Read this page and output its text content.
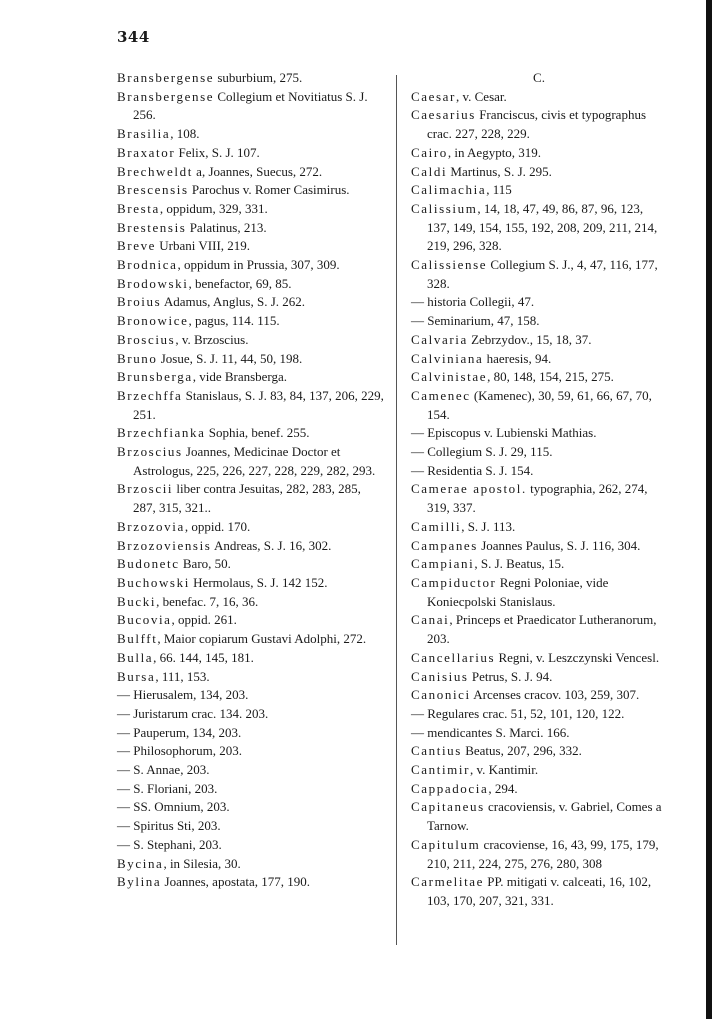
344
Bransbergense suburbium, 275.
Bransbergense Collegium et Novitiatus S. J. 256.
Brasilia, 108.
Braxator Felix, S. J. 107.
Brechweldt a, Joannes, Suecus, 272.
Brescensis Parochus v. Romer Casimirus.
Bresta, oppidum, 329, 331.
Brestensis Palatinus, 213.
Breve Urbani VIII, 219.
Brodnica, oppidum in Prussia, 307, 309.
Brodowski, benefactor, 69, 85.
Broius Adamus, Anglus, S. J. 262.
Bronowice, pagus, 114. 115.
Broscius, v. Brzoscius.
Bruno Josue, S. J. 11, 44, 50, 198.
Brunsberga, vide Bransberga.
Brzechffa Stanislaus, S. J. 83, 84, 137, 206, 229, 251.
Brzechfianka Sophia, benef. 255.
Brzoscius Joannes, Medicinae Doctor et Astrologus, 225, 226, 227, 228, 229, 282, 293.
Brzoscii liber contra Jesuitas, 282, 283, 285, 287, 315, 321..
Brzozovia, oppid. 170.
Brzozoviensis Andreas, S. J. 16, 302.
Budonetc Baro, 50.
Buchowski Hermolaus, S. J. 142 152.
Bucki, benefac. 7, 16, 36.
Bucovia, oppid. 261.
Bulfft, Maior copiarum Gustavi Adolphi, 272.
Bulla, 66. 144, 145, 181.
Bursa, 111, 153.
— Hierusalem, 134, 203.
— Juristarum crac. 134. 203.
— Pauperum, 134, 203.
— Philosophorum, 203.
— S. Annae, 203.
— S. Floriani, 203.
— SS. Omnium, 203.
— Spiritus Sti, 203.
— S. Stephani, 203.
Bycina, in Silesia, 30.
Bylina Joannes, apostata, 177, 190.
C.
Caesar, v. Cesar.
Caesarius Franciscus, civis et typographus crac. 227, 228, 229.
Cairo, in Aegypto, 319.
Caldi Martinus, S. J. 295.
Calimachia, 115
Calissium, 14, 18, 47, 49, 86, 87, 96, 123, 137, 149, 154, 155, 192, 208, 209, 211, 214, 219, 296, 328.
Calissiense Collegium S. J., 4, 47, 116, 177, 328.
— historia Collegii, 47.
— Seminarium, 47, 158.
Calvaria Zebrzydov., 15, 18, 37.
Calviniana haeresis, 94.
Calvinistae, 80, 148, 154, 215, 275.
Camenec (Kamenec), 30, 59, 61, 66, 67, 70, 154.
— Episcopus v. Lubienski Mathias.
— Collegium S. J. 29, 115.
— Residentia S. J. 154.
Camerae apostol. typographia, 262, 274, 319, 337.
Camilli, S. J. 113.
Campanes Joannes Paulus, S. J. 116, 304.
Campiani, S. J. Beatus, 15.
Campiductor Regni Poloniae, vide Koniecpolski Stanislaus.
Canai, Princeps et Praedicator Lutheranorum, 203.
Cancellarius Regni, v. Leszczynski Vencesl.
Canisius Petrus, S. J. 94.
Canonici Arcenses cracov. 103, 259, 307.
— Regulares crac. 51, 52, 101, 120, 122.
— mendicantes S. Marci. 166.
Cantius Beatus, 207, 296, 332.
Cantimir, v. Kantimir.
Cappadocia, 294.
Capitaneus cracoviensis, v. Gabriel, Comes a Tarnow.
Capitulum cracoviense, 16, 43, 99, 175, 179, 210, 211, 224, 275, 276, 280, 308
Carmelitae PP. mitigati v. calceati, 16, 102, 103, 170, 207, 321, 331.
